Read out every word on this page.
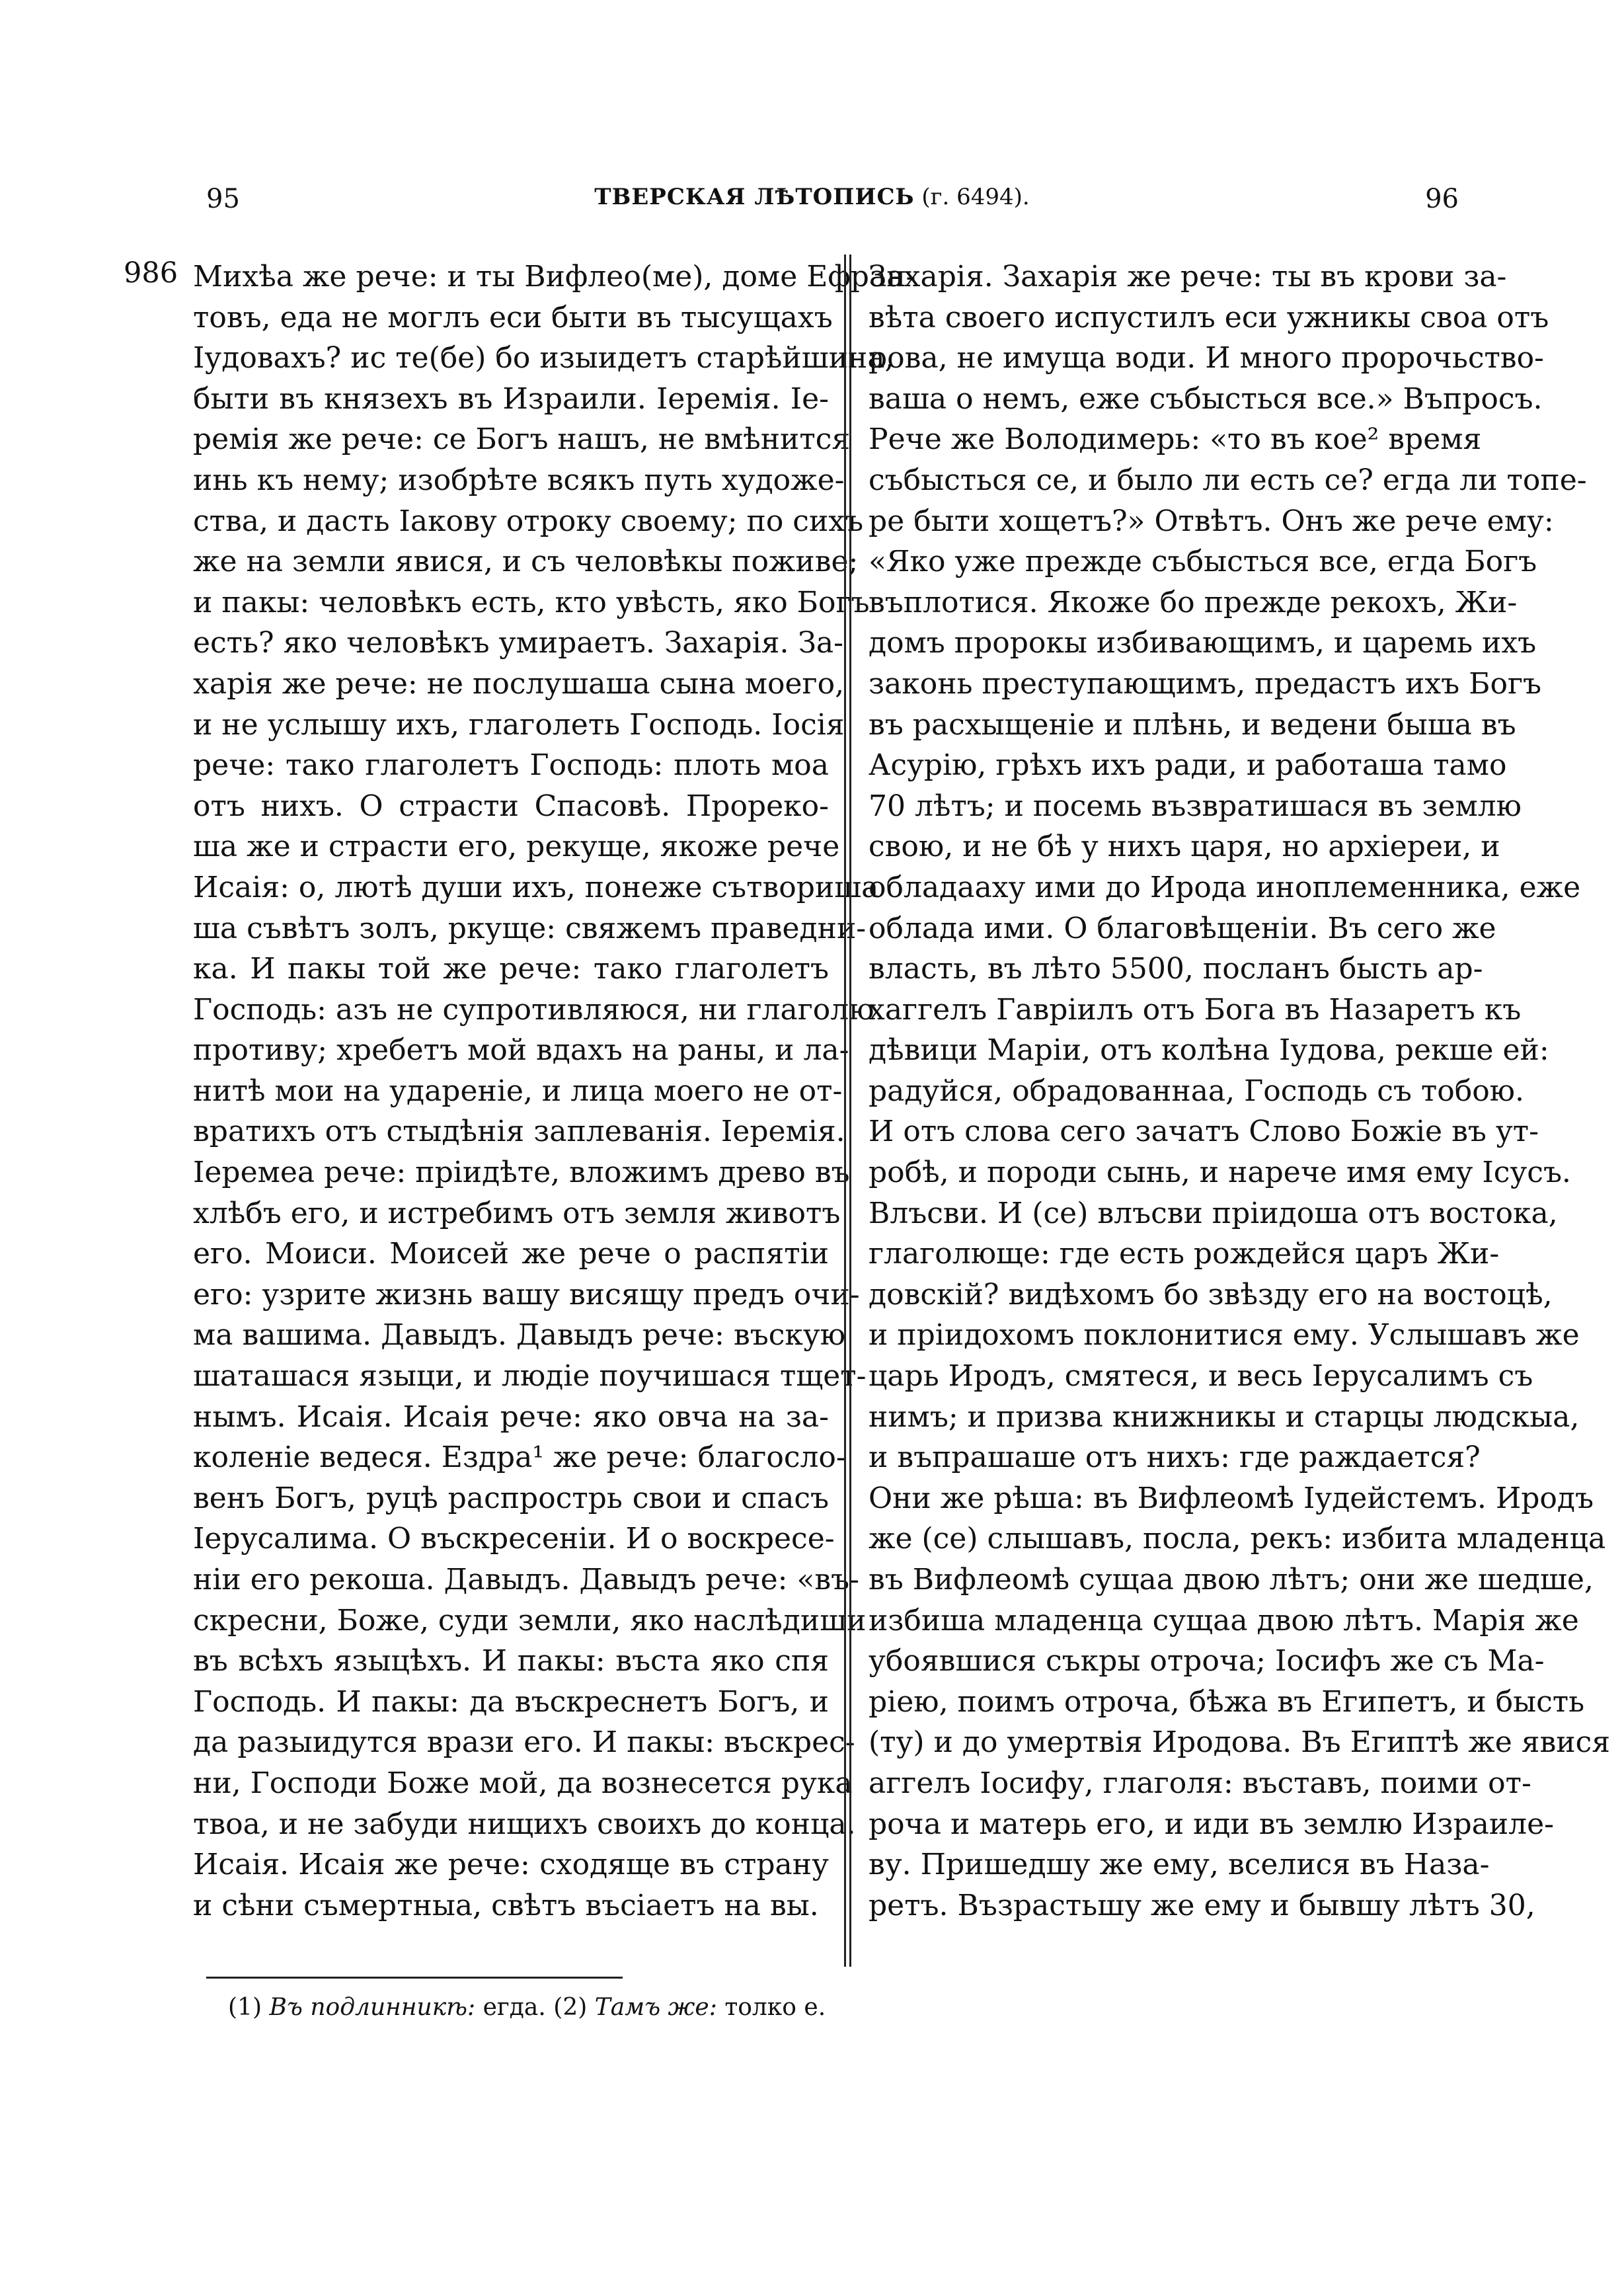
95	ТВЕРСКАЯ ЛѢТОПИСЬ (г. 6494).	96
986 Михѣа же рече: и ты Вифлео(ме), доме Ефран-
товъ, еда не моглъ еси быти въ тысущахъ
Іудовахъ? ис те(бе) бо изыидетъ старѣйшина,
быти въ князехъ въ Израили. Іеремія. Іе-
ремія же рече: се Богъ нашъ, не вмѣнится
инь къ нему; изобрѣте всякъ путь художе-
ства, и дасть Іакову отроку своему; по сихъ
же на земли явися, и съ человѣкы поживе;
и пакы: человѣкъ есть, кто увѣсть, яко Богъ
есть? яко человѣкъ умираетъ. Захарія. За-
харія же рече: не послушаша сына моего,
и не услышу ихъ, глаголеть Господь. Іосія
рече: тако глаголетъ Господь: плоть моа
отъ нихъ. О страсти Спасовѣ. Прореко-
ша же и страсти его, рекуще, якоже рече
Исаія: о, лютѣ души ихъ, понеже сътвориша
ша съвѣтъ золъ, ркуще: свяжемъ праведни-
ка. И пакы той же рече: тако глаголетъ
Господь: азъ не супротивляюся, ни глаголю
противу; хребетъ мой вдахъ на раны, и ла-
нитѣ мои на удареніе, и лица моего не от-
вратихъ отъ стыдѣнія заплеванія. Іеремія.
Іеремеа рече: пріидѣте, вложимъ древо въ
хлѣбъ его, и истребимъ отъ земля животъ
его. Моиси. Моисей же рече о распятіи
его: узрите жизнь вашу висящу предъ очи-
ма вашима. Давыдъ. Давыдъ рече: въскую
шаташася языци, и людіе поучишася тщет-
нымъ. Исаія. Исаія рече: яко овча на за-
коленіе ведеся. Ездра¹ же рече: благосло-
венъ Богъ, руцѣ распрострь свои и спасъ
Іерусалима. О въскресеніи. И о воскресе-
ніи его рекоша. Давыдъ. Давыдъ рече: «въ-
скресни, Боже, суди земли, яко наслѣдиши
въ всѣхъ языцѣхъ. И пакы: въста яко спя
Господь. И пакы: да въскреснетъ Богъ, и
да разыидутся врази его. И пакы: въскрес-
ни, Господи Боже мой, да вознесется рука
твоа, и не забуди нищихъ своихъ до конца.
Исаія. Исаія же рече: сходяще въ страну
и сѣни съмертныа, свѣтъ въсіаетъ на вы.
Захарія. Захарія же рече: ты въ крови за-
вѣта своего испустилъ еси ужникы своа отъ
рова, не имуща води. И много пророчьство-
ваша о немъ, еже събысться все.» Въпросъ.
Рече же Володимерь: «то въ кое² время
събысться се, и было ли есть се? егда ли топе-
ре быти хощетъ?» Отвѣтъ. Онъ же рече ему:
«Яко уже прежде събысться все, егда Богъ
въплотися. Якоже бо прежде рекохъ, Жи-
домъ пророкы избивающимъ, и царемь ихъ
законь преступающимъ, предастъ ихъ Богъ
въ расхыщеніе и плѣнь, и ведени быша въ
Асурію, грѣхъ ихъ ради, и работаша тамо
70 лѣтъ; и посемь възвратишася въ землю
свою, и не бѣ у нихъ царя, но архіереи, и
обладааху ими до Ирода иноплеменника, еже
облада ими. О благовѣщеніи. Въ сего же
власть, въ лѣто 5500, посланъ бысть ар-
хаггелъ Гавріилъ отъ Бога въ Назаретъ къ
дѣвици Маріи, отъ колѣна Іудова, рекше ей:
радуйся, обрадованнаа, Господь съ тобою.
И отъ слова сего зачатъ Слово Божіе въ ут-
робѣ, и породи сынь, и нарече имя ему Ісусъ.
Влъсви. И (се) влъсви пріидоша отъ востока,
глаголюще: где есть рождейся царъ Жи-
довскій? видѣхомъ бо звѣзду его на востоцѣ,
и пріидохомъ поклонитися ему. Услышавъ же
царь Иродъ, смятеся, и весь Іерусалимъ съ
нимъ; и призва книжникы и старцы людскыа,
и въпрашаше отъ нихъ: где раждается?
Они же рѣша: въ Вифлеомѣ Іудейстемъ. Иродъ
же (се) слышавъ, посла, рекъ: избита младенца
въ Вифлеомѣ сущаа двою лѣтъ; они же шедше,
избиша младенца сущаа двою лѣтъ. Марія же
убоявшися съкры отроча; Іосифъ же съ Ма-
ріею, поимъ отроча, бѣжа въ Египетъ, и бысть
(ту) и до умертвія Иродова. Въ Египтѣ же явися
аггелъ Іосифу, глаголя: въставъ, поими от-
роча и матерь его, и иди въ землю Израиле-
ву. Пришедшу же ему, вселися въ Наза-
ретъ. Възрастьшу же ему и бывшу лѣтъ 30,
(1) Въ подлинникѣ: егда. (2) Тамъ же: толко е.
